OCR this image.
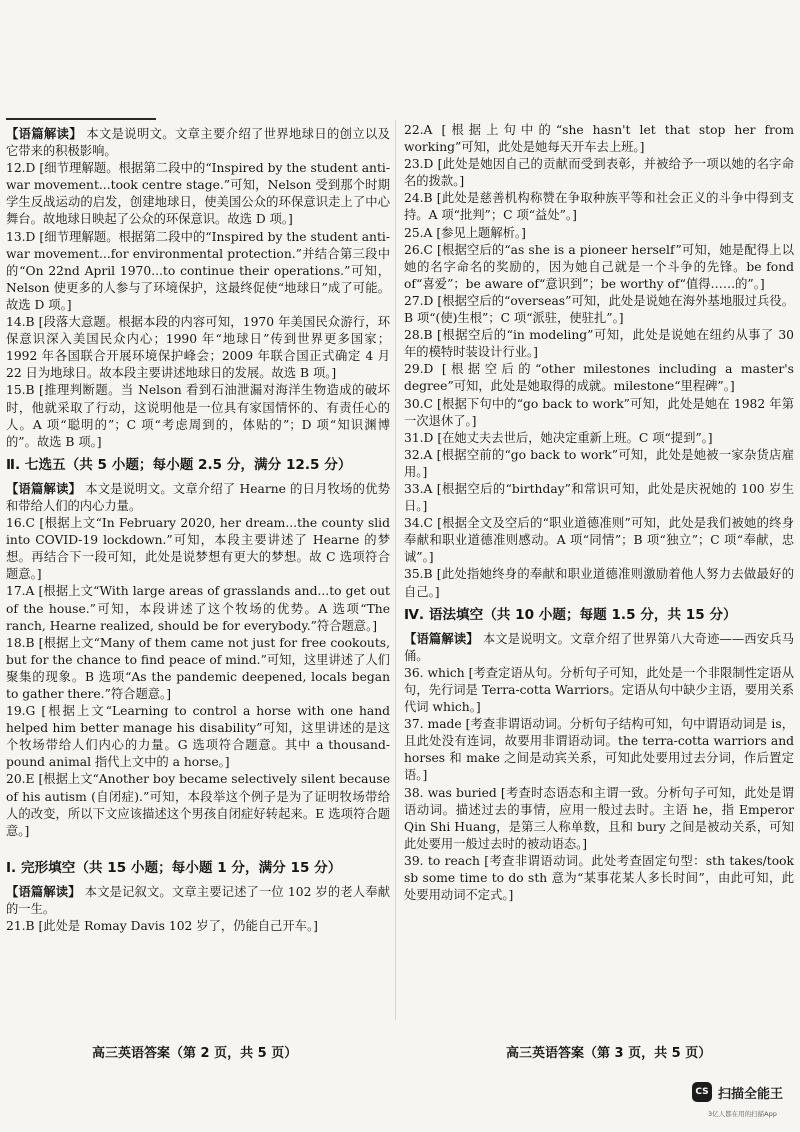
【语篇解读】 本文是说明文。文章主要介绍了世界地球日的创立以及它带来的积极影响。

12.D [细节理解题。根据第二段中的“Inspired by the student anti-war movement...took centre stage.”可知，Nelson 受到那个时期学生反战运动的启发，创建地球日，使美国公众的环保意识走上了中心舞台。故地球日映起了公众的环保意识。故选 D 项。]

13.D [细节理解题。根据第二段中的“Inspired by the student anti-war movement...for environmental protection.”并结合第三段中的“On 22nd April 1970...to continue their operations.”可知，Nelson 使更多的人参与了环境保护，这最终促使“地球日”成了可能。故选 D 项。]

14.B [段落大意题。根据本段的内容可知，1970 年美国民众游行，环保意识深入美国民众内心；1990 年“地球日”传到世界更多国家；1992 年各国联合开展环境保护峰会；2009 年联合国正式确定 4 月 22 日为地球日。故本段主要讲述地球日的发展。故选 B 项。]

15.B [推理判断题。当 Nelson 看到石油泄漏对海洋生物造成的破坏时，他就采取了行动，这说明他是一位具有家国情怀的、有责任心的人。A 项“聪明的”；C 项“考虑周到的，体贴的”；D 项“知识渊博的”。故选 B 项。]

Ⅱ. 七选五（共 5 小题；每小题 2.5 分，满分 12.5 分）

【语篇解读】 本文是说明文。文章介绍了 Hearne 的日月牧场的优势和带给人们的内心力量。

16.C [根据上文“In February 2020, her dream...the county slid into COVID-19 lockdown.”可知，本段主要讲述了 Hearne 的梦想。再结合下一段可知，此处是说梦想有更大的梦想。故 C 选项符合题意。]

17.A [根据上文“With large areas of grasslands and...to get out of the house.”可知，本段讲述了这个牧场的优势。A 选项“The ranch, Hearne realized, should be for everybody.”符合题意。]

18.B [根据上文“Many of them came not just for free cookouts, but for the chance to find peace of mind.”可知，这里讲述了人们聚集的现象。B 选项“As the pandemic deepened, locals began to gather there.”符合题意。]

19.G [根据上文“Learning to control a horse with one hand helped him better manage his disability”可知，这里讲述的是这个牧场带给人们内心的力量。G 选项符合题意。其中 a thousand-pound animal 指代上文中的 a horse。]

20.E [根据上文“Another boy became selectively silent because of his autism (自闭症).”可知，本段举这个例子是为了证明牧场带给人的改变，所以下文应该描述这个男孩自闭症好转起来。E 选项符合题意。]

Ⅰ. 完形填空（共 15 小题；每小题 1 分，满分 15 分）

【语篇解读】 本文是记叙文。文章主要记述了一位 102 岁的老人奉献的一生。

21.B [此处是 Romay Davis 102 岁了，仍能自己开车。]

22.A [根据上句中的“she hasn't let that stop her from working”可知，此处是她每天开车去上班。]

23.D [此处是她因自己的贡献而受到表彰，并被给予一项以她的名字命名的拨款。]

24.B [此处是慈善机构称赞在争取种族平等和社会正义的斗争中得到支持。A 项“批判”；C 项“益处”。]

25.A [参见上题解析。]

26.C [根据空后的“as she is a pioneer herself”可知，她是配得上以她的名字命名的奖励的，因为她自己就是一个斗争的先锋。be fond of“喜爱”；be aware of“意识到”；be worthy of“值得……的”。]

27.D [根据空后的“overseas”可知，此处是说她在海外基地服过兵役。B 项“(使)生根”；C 项“派驻，使驻扎”。]

28.B [根据空后的“in modeling”可知，此处是说她在纽约从事了 30 年的模特时装设计行业。]

29.D [根据空后的“other milestones including a master's degree”可知，此处是她取得的成就。milestone“里程碑”。]

30.C [根据下句中的“go back to work”可知，此处是她在 1982 年第一次退休了。]

31.D [在她丈夫去世后，她决定重新上班。C 项“提到”。]

32.A [根据空前的“go back to work”可知，此处是她被一家杂货店雇用。]

33.A [根据空后的“birthday”和常识可知，此处是庆祝她的 100 岁生日。]

34.C [根据全文及空后的“职业道德准则”可知，此处是我们被她的终身奉献和职业道德准则感动。A 项“同情”；B 项“独立”；C 项“奉献，忠诚”。]

35.B [此处指她终身的奉献和职业道德准则激励着他人努力去做最好的自己。]

Ⅳ. 语法填空（共 10 小题；每题 1.5 分，共 15 分）

【语篇解读】 本文是说明文。文章介绍了世界第八大奇迹——西安兵马俑。

36. which [考查定语从句。分析句子可知，此处是一个非限制性定语从句，先行词是 Terra-cotta Warriors。定语从句中缺少主语，要用关系代词 which。]

37. made [考查非谓语动词。分析句子结构可知，句中谓语动词是 is，且此处没有连词，故要用非谓语动词。the terra-cotta warriors and horses 和 make 之间是动宾关系，可知此处要用过去分词，作后置定语。]

38. was buried [考查时态语态和主谓一致。分析句子可知，此处是谓语动词。描述过去的事情，应用一般过去时。主语 he，指 Emperor Qin Shi Huang，是第三人称单数，且和 bury 之间是被动关系，可知此处要用一般过去时的被动语态。]

39. to reach [考查非谓语动词。此处考查固定句型：sth takes/took sb some time to do sth 意为“某事花某人多长时间”，由此可知，此处要用动词不定式。]

高三英语答案（第 2 页，共 5 页）	高三英语答案（第 3 页，共 5 页）
CS 扫描全能王
3亿人都在用的扫描App
